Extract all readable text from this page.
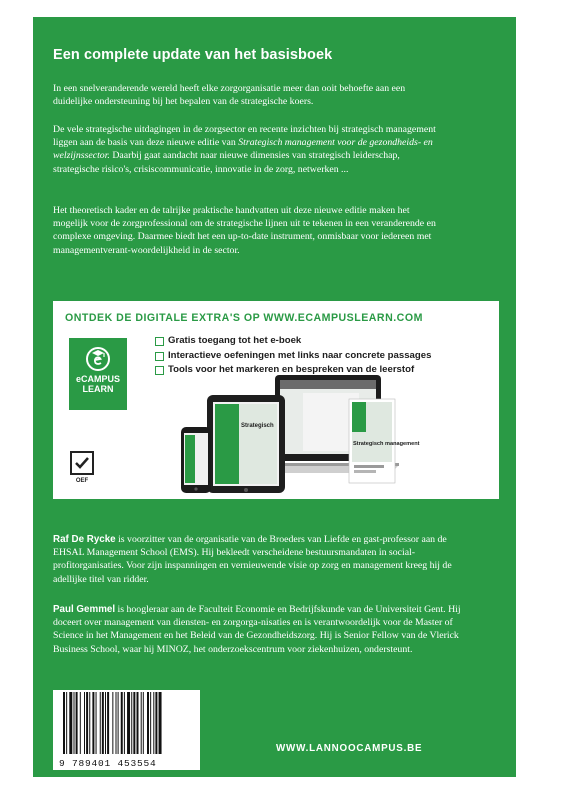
Een complete update van het basisboek
In een snelveranderende wereld heeft elke zorgorganisatie meer dan ooit behoefte aan een duidelijke ondersteuning bij het bepalen van de strategische koers.
De vele strategische uitdagingen in de zorgsector en recente inzichten bij strategisch management liggen aan de basis van deze nieuwe editie van Strategisch management voor de gezondheids- en welzijnssector. Daarbij gaat aandacht naar nieuwe dimensies van strategisch leiderschap, strategische risico's, crisiscommunicatie, innovatie in de zorg, netwerken ...
Het theoretisch kader en de talrijke praktische handvatten uit deze nieuwe editie maken het mogelijk voor de zorgprofessional om de strategische lijnen uit te tekenen in een veranderende en complexe omgeving. Daarmee biedt het een up-to-date instrument, onmisbaar voor iedereen met managementverant-woordelijkheid in de sector.
ONTDEK DE DIGITALE EXTRA'S OP WWW.ECAMPUSLEARN.COM
eCAMPUS
LEARN
Gratis toegang tot het e-boek
Interactieve oefeningen met links naar concrete passages
Tools voor het markeren en bespreken van de leerstof
OEF
Strategisch
Strategisch management
Raf De Rycke is voorzitter van de organisatie van de Broeders van Liefde en gast-professor aan de EHSAL Management School (EMS). Hij bekleedt verscheidene bestuursmandaten in social-profitorganisaties. Voor zijn inspanningen en vernieuwende visie op zorg en management kreeg hij de adellijke titel van ridder.
Paul Gemmel is hoogleraar aan de Faculteit Economie en Bedrijfskunde van de Universiteit Gent. Hij doceert over management van diensten- en zorgorga-nisaties en is verantwoordelijk voor de Master of Science in het Management en het Beleid van de Gezondheidszorg. Hij is Senior Fellow van de Vlerick Business School, waar hij MINOZ, het onderzoekscentrum voor ziekenhuizen, ondersteunt.
9 789401 453554
WWW.LANNOOCAMPUS.BE
